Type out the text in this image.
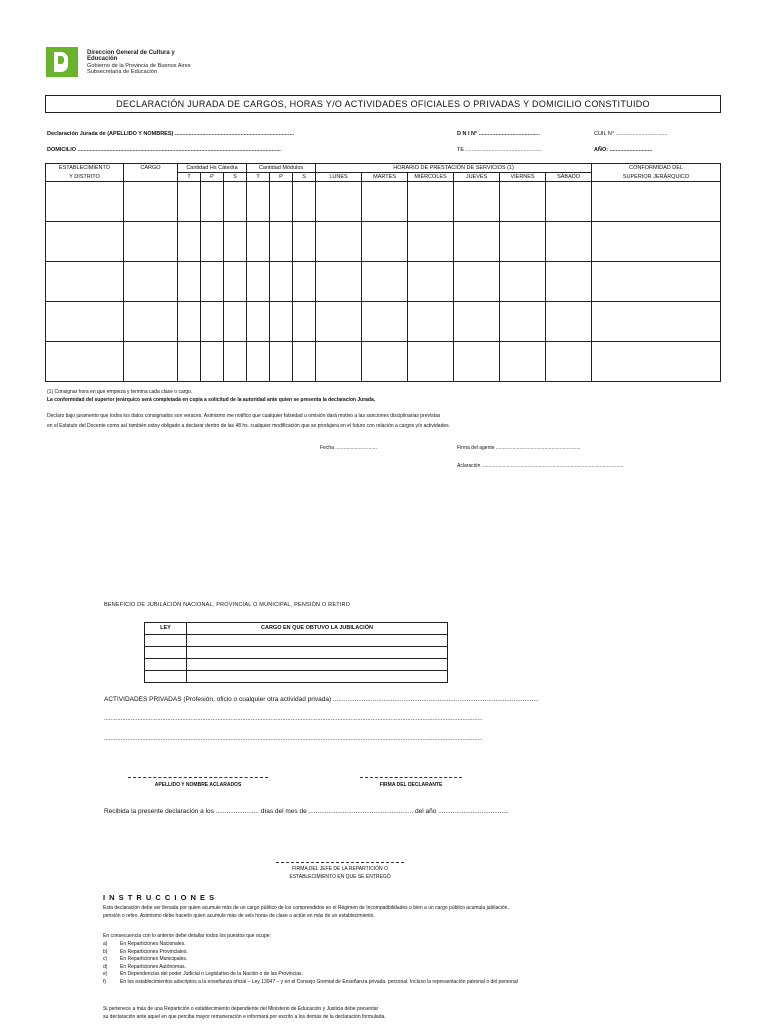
Direccion General de Cultura y
Educación
Gobierno de la Provincia de Buenos Aires
Subsecretaria de Educación
DECLARACIÓN JURADA DE CARGOS, HORAS Y/O ACTIVIDADES OFICIALES O PRIVADAS Y DOMICILIO CONSTITUIDO
Declaración Jurada de (APELLIDO Y NOMBRES) ..............................................................................	D N I N° ........................................	CUIL N° ..................................
DOMICILIO .....................................................................................................................................	TE ..................................................	AÑO: ............................
ESTABLECIMIENTO	CARGO	Cantidad Hs Cátedra			Cantidad Módulos			HORARIO DE PRESTACIÓN DE SERVICIOS (1)						CONFORMIDAD DEL
Y DISTRITO		T	P	S	T	P	S	LUNES	MARTES	MIÉRCOLES	JUEVES	VIERNES	SÁBADO	SUPERIOR JERÁRQUICO

(1) Consignar hora en que empieza y termina cada clase o cargo.
La conformidad del superior jerárquico será completada en copia a solicitud de la autoridad ante quien se presenta la declaracion Jurada.
Declaro bajo juramento que todos los datos consignados son veraces. Asimismo me notifico que cualquier falsedad u omisión dará motivo a las sanciones disciplinarias previstas
en el Estatuto del Docente como así también estoy obligado a declarar dentro de las 48 hs. cualquier modificación que se produjera en el futuro con relación a cargos y/o actividades.
Fecha ..............................	Firma del agente .............................................................
Aclaración ......................................................................................................
BENEFICIO DE JUBILACIÓN NACIONAL, PROVINCIAL O MUNICIPAL, PENSIÓN O RETIRO
LEY	CARGO EN QUE OBTUVO LA JUBILACIÓN

ACTIVIDADES PRIVADAS (Profesión, oficio o cualquier otra actividad privada) ..................................................................................................................
...................................................................................................................................................................................................................................
...................................................................................................................................................................................................................................
APELLIDO Y NOMBRE ACLARADOS	FIRMA DEL DECLARANTE
Recibida la presente declaración a los ........................ días del mes de .......................................................... del año .......................................
FIRMA DEL JEFE DE LA REPARTICIÓN O
ESTABLECIMIENTO EN QUE SE ENTREGÓ
I N S T R U C C I O N E S
Esta declaración debe ser llenada por quien acumule más de un cargo público de los comprendidos en el Régimen de Incompatibilidades o bien a un cargo público acumula jubilación,
pensión o retiro. Asimismo debe hacerlo quien acumule más de seis horas de clase o actúe en más de un establecimiento.
En consecuencia con lo anterior debe detallar todos los puestos que ocupe:
a)	En Reparticiones Nacionales.
b)	En Reparticiones Provinciales.
c)	En Reparticiones Municipales.
d)	En Reparticiones Autónomas.
e)	En Dependencias del poder Judicial o Legislativo de la Nación o de las Provincias.
f)	En los establecimientos adscriptos a la enseñanza oficial – Ley 13047 – y en el Consejo Gremial de Enseñanza privada. personal. Incluso la representación patronal o del personal
Si pertenece a más de una Repartición o establecimiento dependiente del Ministerio de Educación y Justicia debe presentar
su declaración ante aquel en que perciba mayor remuneración e informará por escrito a los demás de la declaración formulada.
